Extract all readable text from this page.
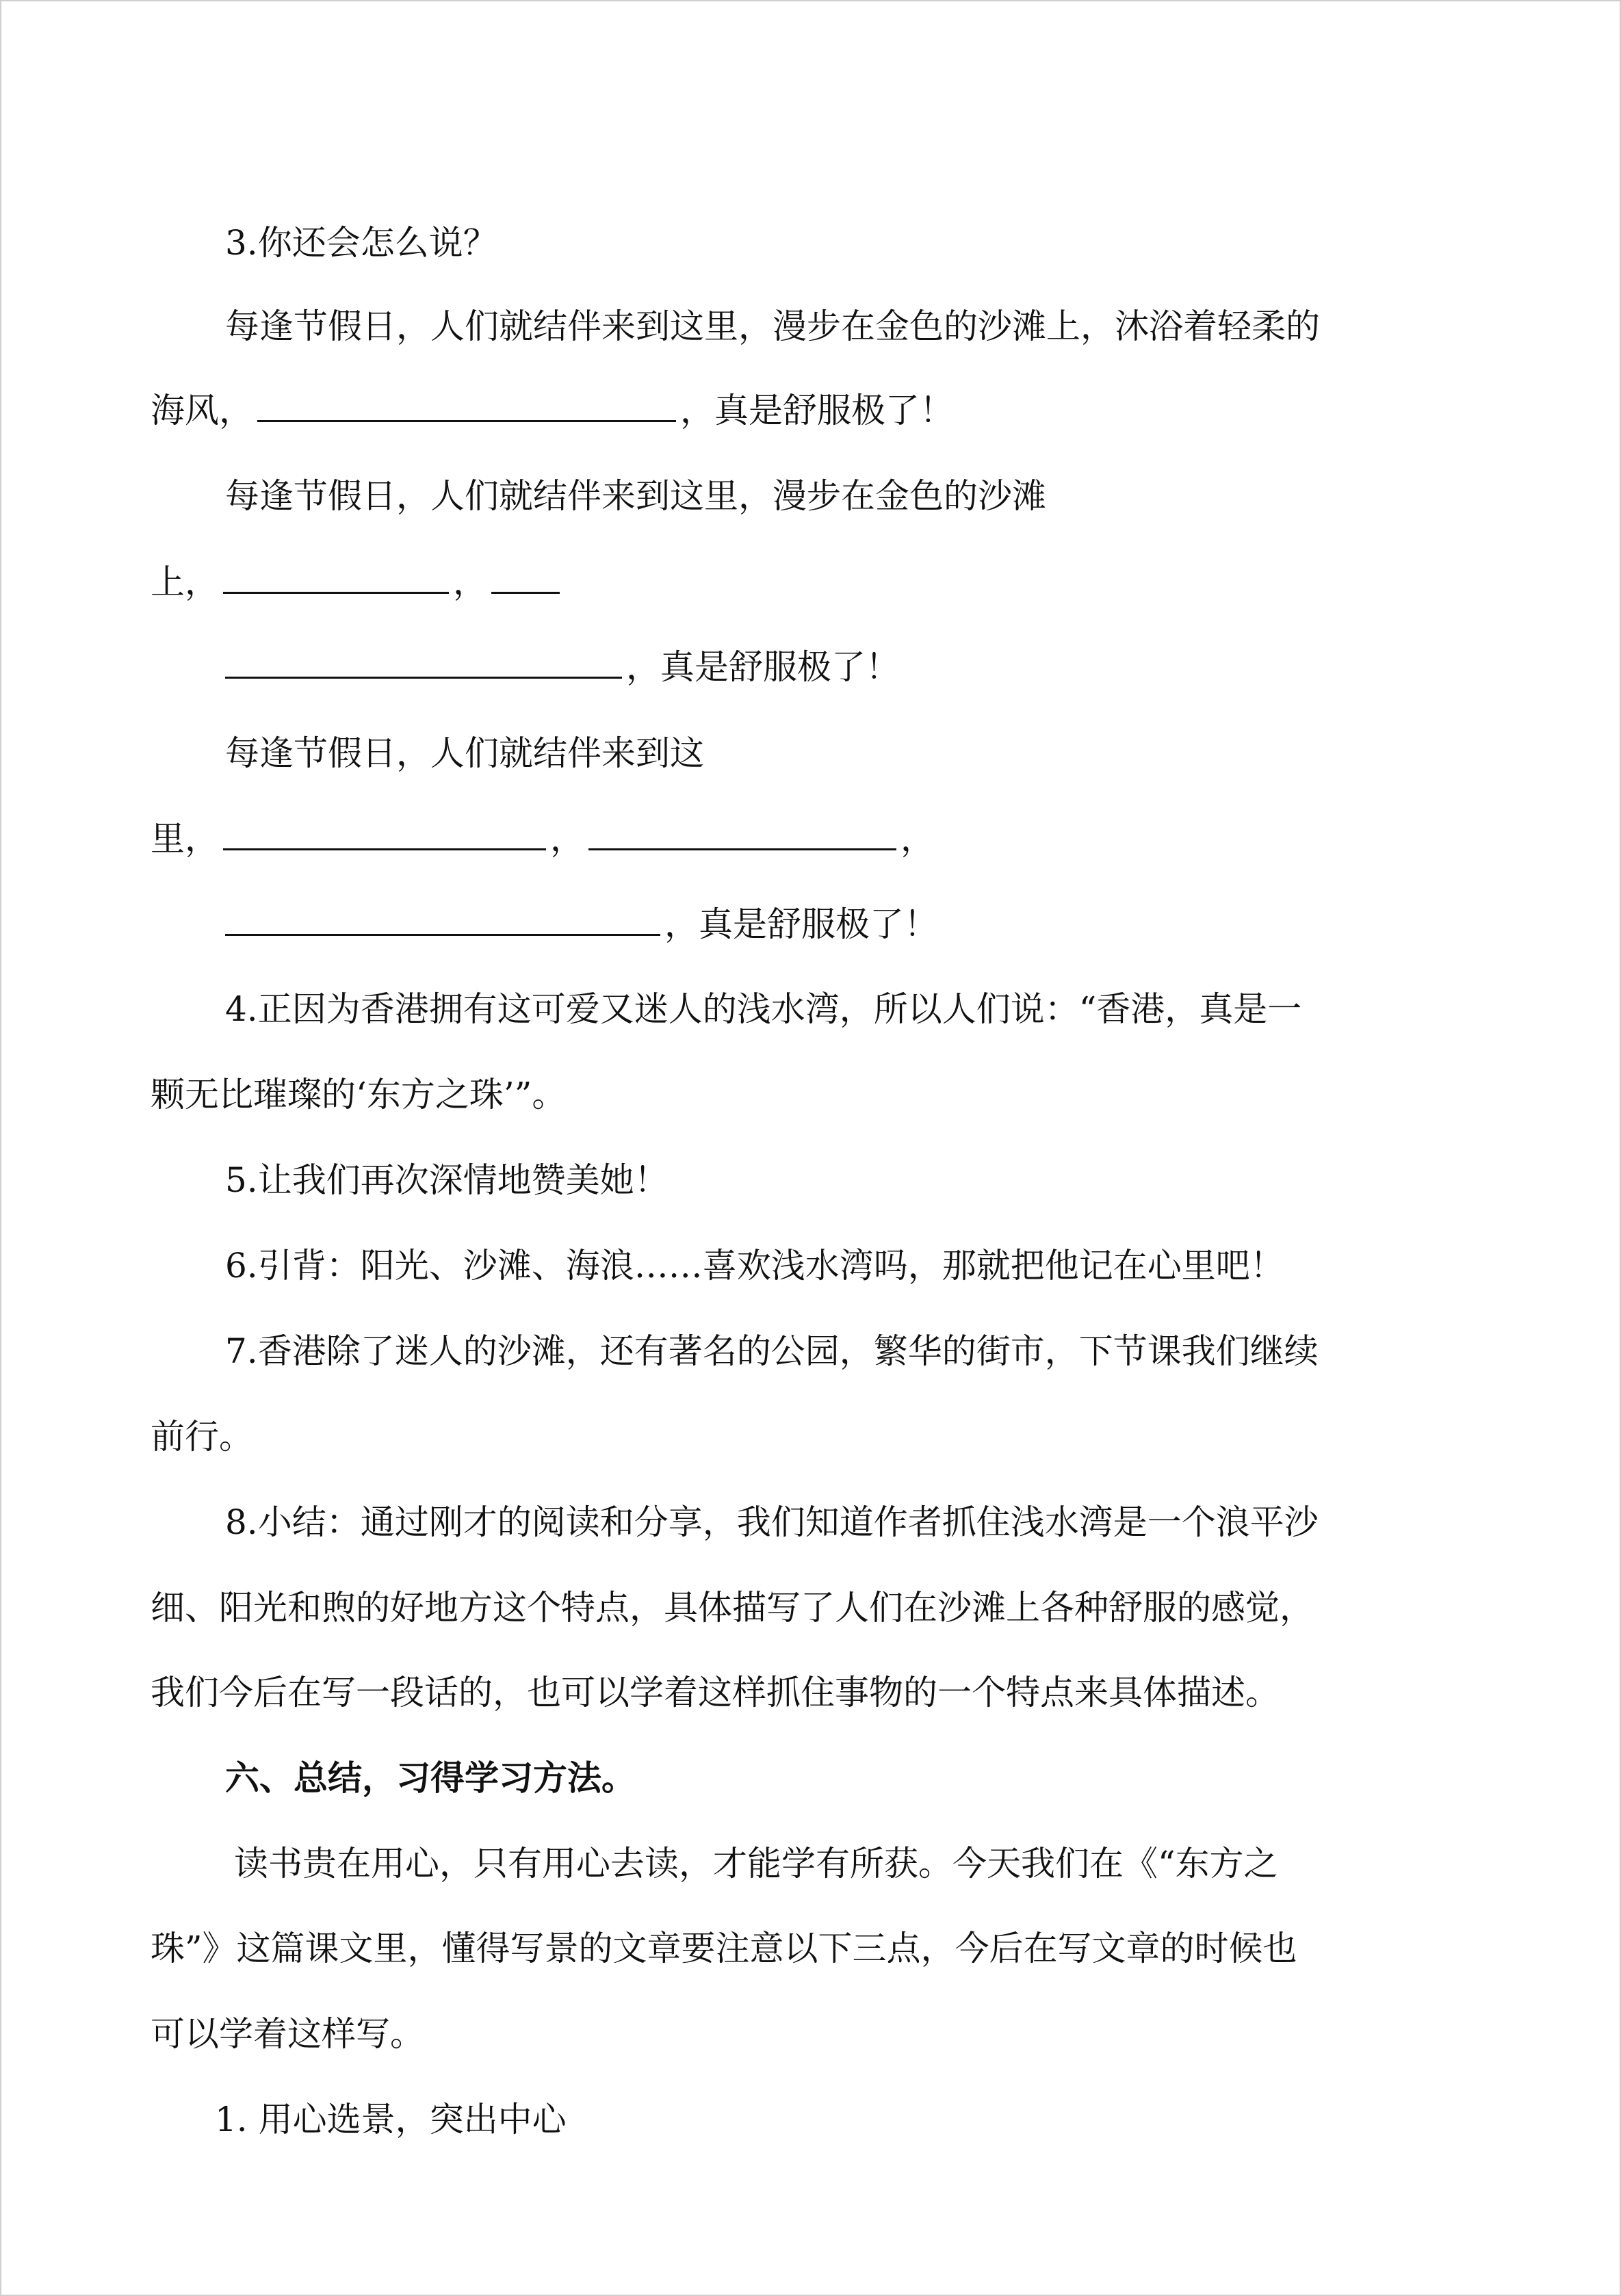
3.你还会怎么说？
每逢节假日，人们就结伴来到这里，漫步在金色的沙滩上，沐浴着轻柔的
海风，	，真是舒服极了！
每逢节假日，人们就结伴来到这里，漫步在金色的沙滩
上，	，
，真是舒服极了！
每逢节假日，人们就结伴来到这
里，	，	，
，真是舒服极了！
4.正因为香港拥有这可爱又迷人的浅水湾，所以人们说：“香港，真是一
颗无比璀璨的‘东方之珠’”。
5.让我们再次深情地赞美她！
6.引背：阳光、沙滩、海浪……喜欢浅水湾吗，那就把他记在心里吧！
7.香港除了迷人的沙滩，还有著名的公园，繁华的街市，下节课我们继续
前行。
8.小结：通过刚才的阅读和分享，我们知道作者抓住浅水湾是一个浪平沙
细、阳光和煦的好地方这个特点，具体描写了人们在沙滩上各种舒服的感觉，
我们今后在写一段话的，也可以学着这样抓住事物的一个特点来具体描述。
六、总结，习得学习方法。
读书贵在用心，只有用心去读，才能学有所获。今天我们在《“东方之
珠”》这篇课文里，懂得写景的文章要注意以下三点，今后在写文章的时候也
可以学着这样写。
1. 用心选景，突出中心
